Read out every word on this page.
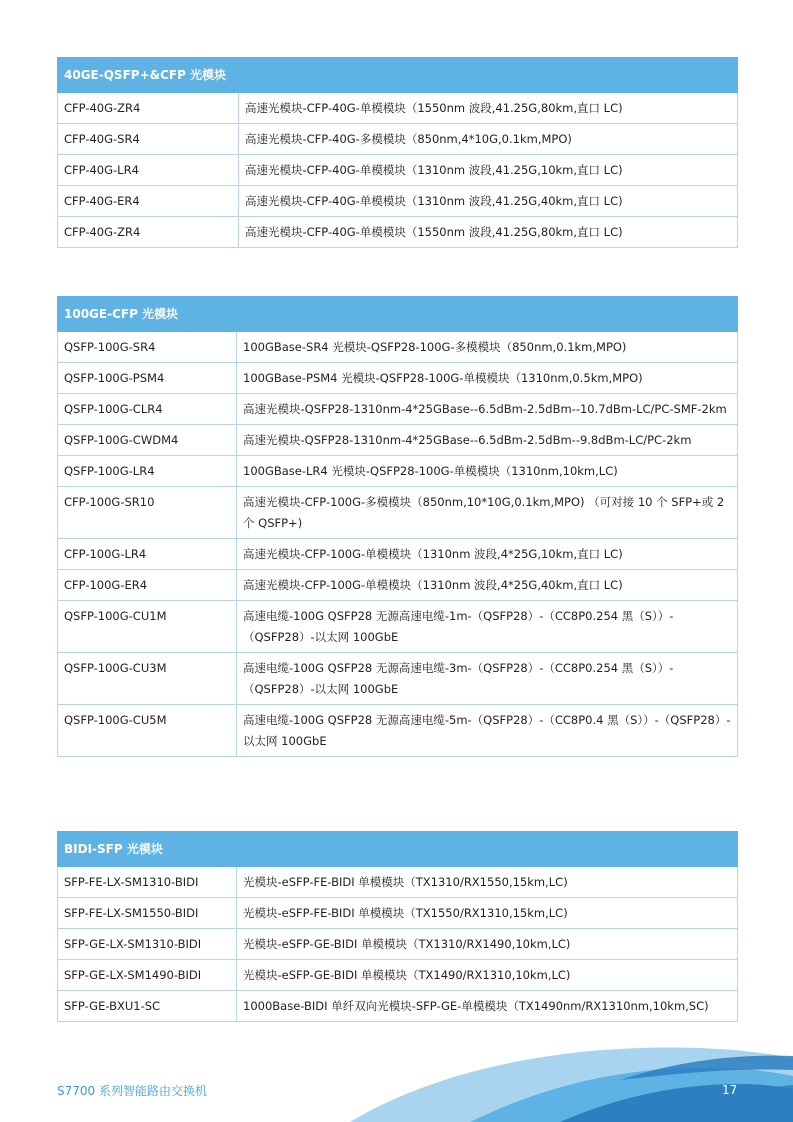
40GE-QSFP+&CFP 光模块	
CFP-40G-ZR4	高速光模块-CFP-40G-单模模块（1550nm 波段,41.25G,80km,直口 LC)
CFP-40G-SR4	高速光模块-CFP-40G-多模模块（850nm,4*10G,0.1km,MPO)
CFP-40G-LR4	高速光模块-CFP-40G-单模模块（1310nm 波段,41.25G,10km,直口 LC)
CFP-40G-ER4	高速光模块-CFP-40G-单模模块（1310nm 波段,41.25G,40km,直口 LC)
CFP-40G-ZR4	高速光模块-CFP-40G-单模模块（1550nm 波段,41.25G,80km,直口 LC)
100GE-CFP 光模块	
QSFP-100G-SR4	100GBase-SR4 光模块-QSFP28-100G-多模模块（850nm,0.1km,MPO)
QSFP-100G-PSM4	100GBase-PSM4 光模块-QSFP28-100G-单模模块（1310nm,0.5km,MPO)
QSFP-100G-CLR4	高速光模块-QSFP28-1310nm-4*25GBase--6.5dBm-2.5dBm--10.7dBm-LC/PC-SMF-2km
QSFP-100G-CWDM4	高速光模块-QSFP28-1310nm-4*25GBase--6.5dBm-2.5dBm--9.8dBm-LC/PC-2km
QSFP-100G-LR4	100GBase-LR4 光模块-QSFP28-100G-单模模块（1310nm,10km,LC)
CFP-100G-SR10	高速光模块-CFP-100G-多模模块（850nm,10*10G,0.1km,MPO) （可对接 10 个 SFP+或 2 个 QSFP+)
CFP-100G-LR4	高速光模块-CFP-100G-单模模块（1310nm 波段,4*25G,10km,直口 LC)
CFP-100G-ER4	高速光模块-CFP-100G-单模模块（1310nm 波段,4*25G,40km,直口 LC)
QSFP-100G-CU1M	高速电缆-100G QSFP28 无源高速电缆-1m-（QSFP28）-（CC8P0.254 黑（S））-（QSFP28）-以太网 100GbE
QSFP-100G-CU3M	高速电缆-100G QSFP28 无源高速电缆-3m-（QSFP28）-（CC8P0.254 黑（S））-（QSFP28）-以太网 100GbE
QSFP-100G-CU5M	高速电缆-100G QSFP28 无源高速电缆-5m-（QSFP28）-（CC8P0.4 黑（S））-（QSFP28）-以太网 100GbE
BIDI-SFP 光模块	
SFP-FE-LX-SM1310-BIDI	光模块-eSFP-FE-BIDI 单模模块（TX1310/RX1550,15km,LC)
SFP-FE-LX-SM1550-BIDI	光模块-eSFP-FE-BIDI 单模模块（TX1550/RX1310,15km,LC)
SFP-GE-LX-SM1310-BIDI	光模块-eSFP-GE-BIDI 单模模块（TX1310/RX1490,10km,LC)
SFP-GE-LX-SM1490-BIDI	光模块-eSFP-GE-BIDI 单模模块（TX1490/RX1310,10km,LC)
SFP-GE-BXU1-SC	1000Base-BIDI 单纤双向光模块-SFP-GE-单模模块（TX1490nm/RX1310nm,10km,SC)
S7700 系列智能路由交换机	17
